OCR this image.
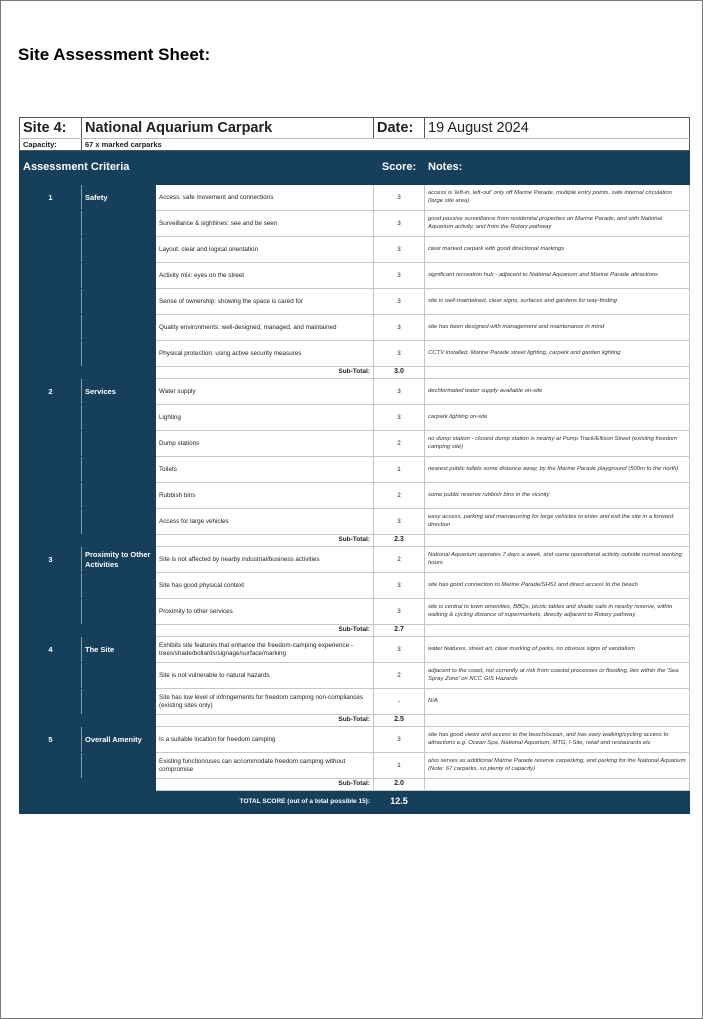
Site Assessment Sheet:
Site 4:	National Aquarium Carpark		Date:	19 August 2024
Capacity:	67 x marked carparks			
Assessment Criteria			Score:	Notes:
1	Safety	Access: safe movement and connections	3	access is 'left-in, left-out' only off Marine Parade, multiple entry points, safe internal circulation (large site area)
		Surveillance & sightlines: see and be seen	3	good passive surveillance from residential properties on Marine Parade, and with National Aquarium activity, and from the Rotary pathway
		Layout: clear and logical orientation	3	clear marked carpark with good directional markings
		Activity mix: eyes on the street	3	significant recreation hub - adjacent to National Aquarium and Marine Parade attractions
		Sense of ownership: showing the space is cared for	3	site is well-maintained, clear signs, surfaces and gardens for way-finding
		Quality environments: well-designed, managed, and maintained	3	site has been designed with management and maintenance in mind
		Physical protection: using active security measures	3	CCTV installed, Marine Parade street lighting, carpark and garden lighting
		Sub-Total:	3.0	
2	Services	Water supply	3	dechlorinated water supply available on-site
		Lighting	3	carpark lighting on-site
		Dump stations	2	no dump station - closest dump station is nearby at Pump Track/Ellison Street (existing freedom camping site)
		Toilets	1	nearest public toilets some distance away, by the Marine Parade playground (500m to the north)
		Rubbish bins	2	some public reserve rubbish bins in the vicinity
		Access for large vehicles	3	easy access, parking and manoeuvring for large vehicles to enter and exit the site in a forward direction
		Sub-Total:	2.3	
3	Proximity to Other Activities	Site is not affected by nearby industrial/business activities	2	National Aquarium operates 7 days a week, and some operational activity outside normal working hours
		Site has good physical context	3	site has good connection to Marine Parade/SH51 and direct access to the beach
		Proximity to other services	3	site is central to town amenities, BBQs, picnic tables and shade sails in nearby reserve, within walking & cycling distance of supermarkets, directly adjacent to Rotary pathway
		Sub-Total:	2.7	
4	The Site	Exhibits site features that enhance the freedom-camping experience - trees/shade/bollards/signage/surface/marking	3	water features, street art, clear marking of parks, no obvious signs of vandalism
		Site is not vulnerable to natural hazards	2	adjacent to the coast, not currently at risk from coastal processes or flooding, lies within the 'Sea Spray Zone' on NCC GIS Hazards
		Site has low level of infringements for freedom camping non-compliances (existing sites only)	-	N/A
		Sub-Total:	2.5	
5	Overall Amenity	Is a suitable location for freedom camping	3	site has good views and access to the beach/ocean, and has easy walking/cycling access to attractions e.g. Ocean Spa, National Aquarium, MTG, I-Site, retail and restaurants etc
		Existing function/uses can accommodate freedom camping without compromise	1	also serves as additional Marine Parade reserve carparking, and parking for the National Aquarium (Note: 67 carparks, so plenty of capacity)
		Sub-Total:	2.0	
		TOTAL SCORE (out of a total possible 15):	12.5	
